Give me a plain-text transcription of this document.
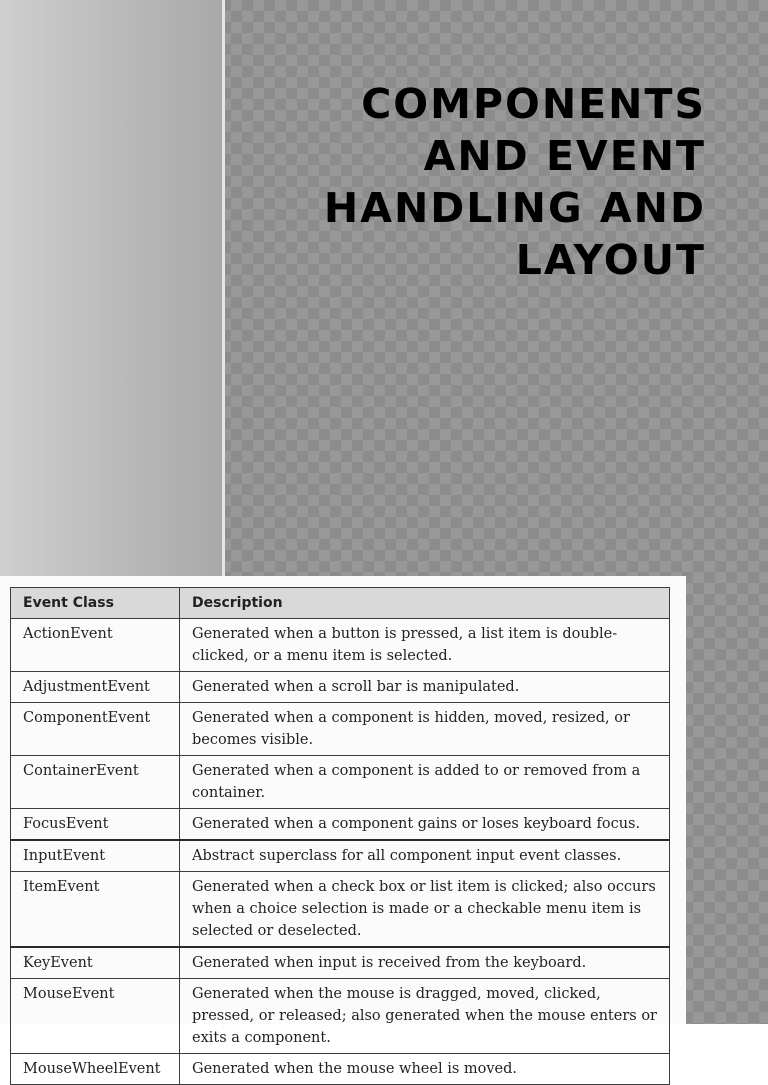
COMPONENTS AND EVENT HANDLING AND LAYOUT
Event Class	Description
ActionEvent	Generated when a button is pressed, a list item is double-clicked, or a menu item is selected.
AdjustmentEvent	Generated when a scroll bar is manipulated.
ComponentEvent	Generated when a component is hidden, moved, resized, or becomes visible.
ContainerEvent	Generated when a component is added to or removed from a container.
FocusEvent	Generated when a component gains or loses keyboard focus.
InputEvent	Abstract superclass for all component input event classes.
ItemEvent	Generated when a check box or list item is clicked; also occurs when a choice selection is made or a checkable menu item is selected or deselected.
KeyEvent	Generated when input is received from the keyboard.
MouseEvent	Generated when the mouse is dragged, moved, clicked, pressed, or released; also generated when the mouse enters or exits a component.
MouseWheelEvent	Generated when the mouse wheel is moved.
